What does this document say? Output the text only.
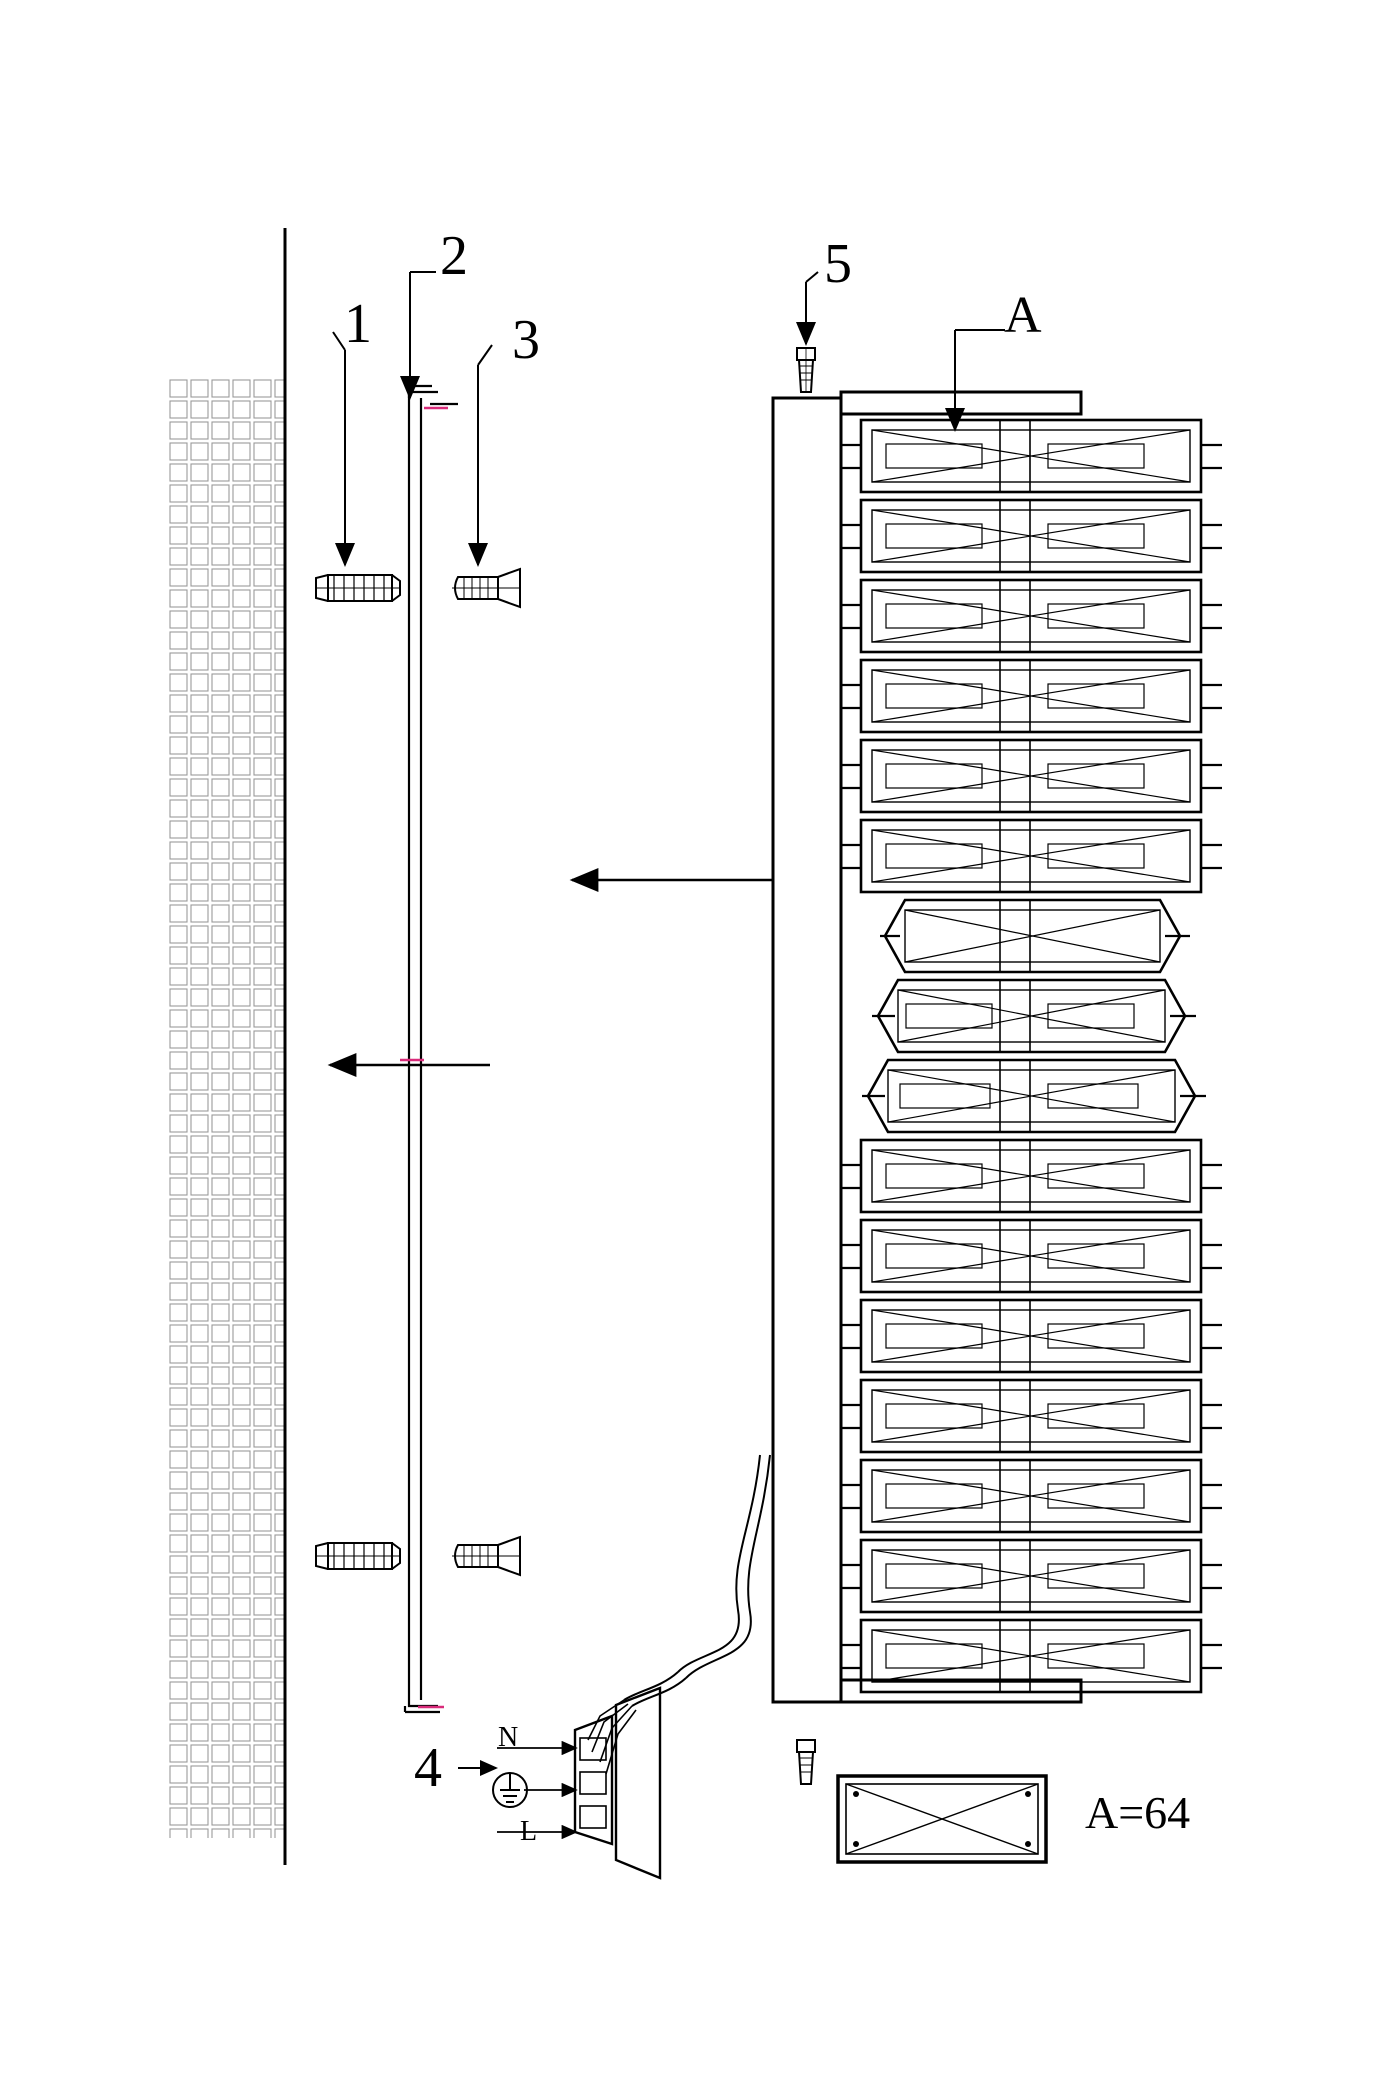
1
2
3
4
5
A
A=64
N
L
